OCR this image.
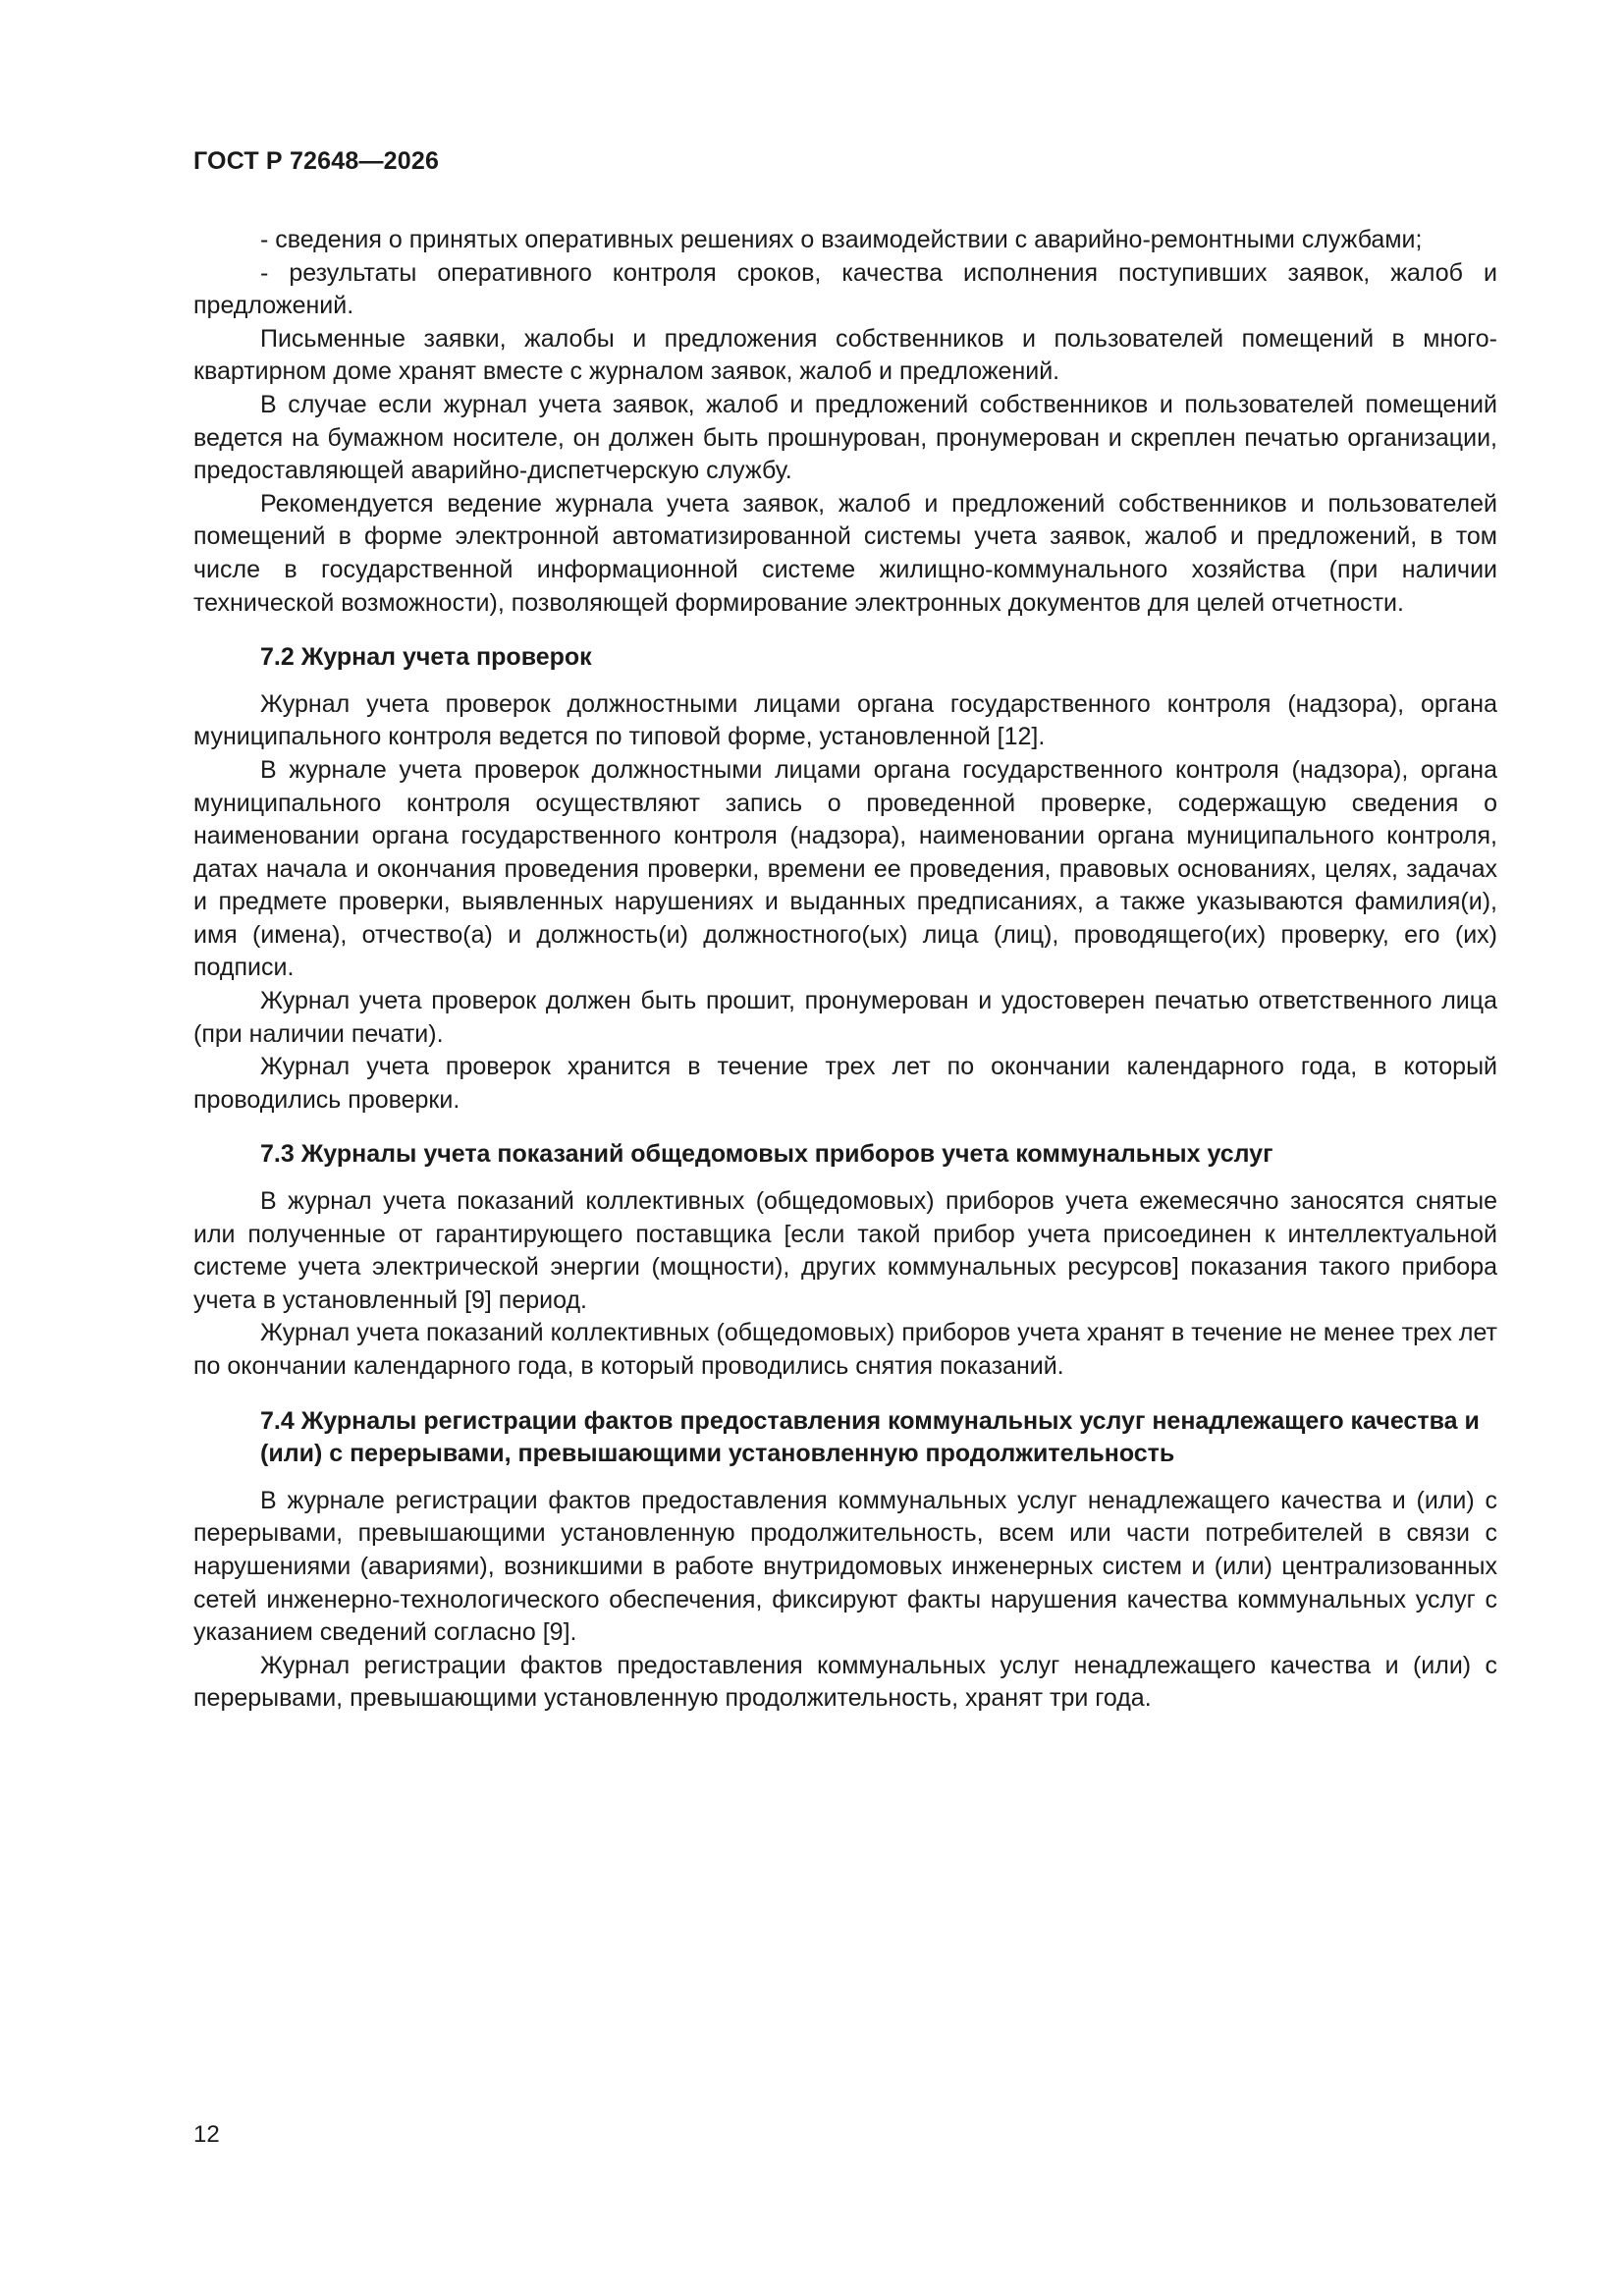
ГОСТ Р 72648—2026

- сведения о принятых оперативных решениях о взаимодействии с аварийно-ремонтными службами;

- результаты оперативного контроля сроков, качества исполнения поступивших заявок, жалоб и предложений.

Письменные заявки, жалобы и предложения собственников и пользователей помещений в многоквартирном доме хранят вместе с журналом заявок, жалоб и предложений.

В случае если журнал учета заявок, жалоб и предложений собственников и пользователей помещений ведется на бумажном носителе, он должен быть прошнурован, пронумерован и скреплен печатью организации, предоставляющей аварийно-диспетчерскую службу.

Рекомендуется ведение журнала учета заявок, жалоб и предложений собственников и пользователей помещений в форме электронной автоматизированной системы учета заявок, жалоб и предложений, в том числе в государственной информационной системе жилищно-коммунального хозяйства (при наличии технической возможности), позволяющей формирование электронных документов для целей отчетности.

7.2 Журнал учета проверок

Журнал учета проверок должностными лицами органа государственного контроля (надзора), органа муниципального контроля ведется по типовой форме, установленной [12].

В журнале учета проверок должностными лицами органа государственного контроля (надзора), органа муниципального контроля осуществляют запись о проведенной проверке, содержащую сведения о наименовании органа государственного контроля (надзора), наименовании органа муниципального контроля, датах начала и окончания проведения проверки, времени ее проведения, правовых основаниях, целях, задачах и предмете проверки, выявленных нарушениях и выданных предписаниях, а также указываются фамилия(и), имя (имена), отчество(а) и должность(и) должностного(ых) лица (лиц), проводящего(их) проверку, его (их) подписи.

Журнал учета проверок должен быть прошит, пронумерован и удостоверен печатью ответственного лица (при наличии печати).

Журнал учета проверок хранится в течение трех лет по окончании календарного года, в который проводились проверки.

7.3 Журналы учета показаний общедомовых приборов учета коммунальных услуг

В журнал учета показаний коллективных (общедомовых) приборов учета ежемесячно заносятся снятые или полученные от гарантирующего поставщика [если такой прибор учета присоединен к интеллектуальной системе учета электрической энергии (мощности), других коммунальных ресурсов] показания такого прибора учета в установленный [9] период.

Журнал учета показаний коллективных (общедомовых) приборов учета хранят в течение не менее трех лет по окончании календарного года, в который проводились снятия показаний.

7.4 Журналы регистрации фактов предоставления коммунальных услуг ненадлежащего качества и (или) с перерывами, превышающими установленную продолжительность

В журнале регистрации фактов предоставления коммунальных услуг ненадлежащего качества и (или) с перерывами, превышающими установленную продолжительность, всем или части потребителей в связи с нарушениями (авариями), возникшими в работе внутридомовых инженерных систем и (или) централизованных сетей инженерно-технологического обеспечения, фиксируют факты нарушения качества коммунальных услуг с указанием сведений согласно [9].

Журнал регистрации фактов предоставления коммунальных услуг ненадлежащего качества и (или) с перерывами, превышающими установленную продолжительность, хранят три года.

12
